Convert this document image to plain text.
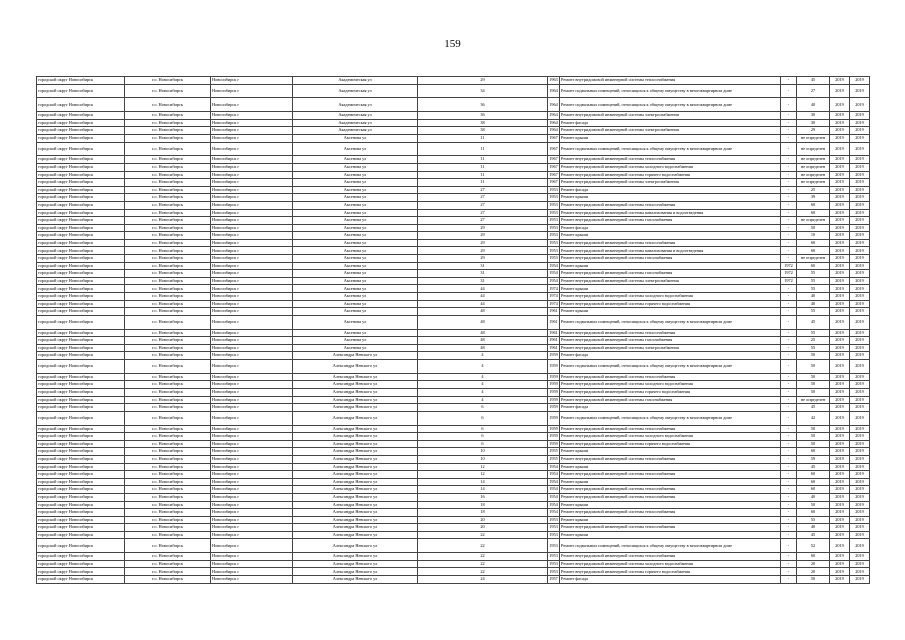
159
городской округ Новосибирск	г.о. Новосибирск	Новосибирск г	Академическая ул	29	1963	Ремонт внутридомовой инженерной системы теплоснабжения	-	45	2019	2019
городской округ Новосибирск	г.о. Новосибирск	Новосибирск г	Академическая ул	34	1964	Ремонт подвальных помещений, относящихся к общему имуществу в многоквартирном доме	-	27	2019	2019
городской округ Новосибирск	г.о. Новосибирск	Новосибирск г	Академическая ул	36	1964	Ремонт подвальных помещений, относящихся к общему имуществу в многоквартирном доме	-	40	2019	2019
городской округ Новосибирск	г.о. Новосибирск	Новосибирск г	Академическая ул	36	1964	Ремонт внутридомовой инженерной системы электроснабжения	-	30	2019	2019
городской округ Новосибирск	г.о. Новосибирск	Новосибирск г	Академическая ул	38	1964	Ремонт фасада	-	30	2019	2019
городской округ Новосибирск	г.о. Новосибирск	Новосибирск г	Академическая ул	38	1964	Ремонт внутридомовой инженерной системы электроснабжения	-	29	2019	2019
городской округ Новосибирск	г.о. Новосибирск	Новосибирск г	Аксенова ул	11	1967	Ремонт крыши	-	не определен	2019	2019
городской округ Новосибирск	г.о. Новосибирск	Новосибирск г	Аксенова ул	11	1967	Ремонт подвальных помещений, относящихся к общему имуществу в многоквартирном доме	-	не определен	2019	2019
городской округ Новосибирск	г.о. Новосибирск	Новосибирск г	Аксенова ул	11	1967	Ремонт внутридомовой инженерной системы теплоснабжения	-	не определен	2019	2019
городской округ Новосибирск	г.о. Новосибирск	Новосибирск г	Аксенова ул	11	1967	Ремонт внутридомовой инженерной системы холодного водоснабжения	-	не определен	2019	2019
городской округ Новосибирск	г.о. Новосибирск	Новосибирск г	Аксенова ул	11	1967	Ремонт внутридомовой инженерной системы горячего водоснабжения	-	не определен	2019	2019
городской округ Новосибирск	г.о. Новосибирск	Новосибирск г	Аксенова ул	11	1967	Ремонт внутридомовой инженерной системы электроснабжения	-	не определен	2019	2019
городской округ Новосибирск	г.о. Новосибирск	Новосибирск г	Аксенова ул	27	1953	Ремонт фасада	-	25	2019	2019
городской округ Новосибирск	г.о. Новосибирск	Новосибирск г	Аксенова ул	27	1953	Ремонт крыши	-	39	2019	2019
городской округ Новосибирск	г.о. Новосибирск	Новосибирск г	Аксенова ул	27	1953	Ремонт внутридомовой инженерной системы теплоснабжения	-	60	2019	2019
городской округ Новосибирск	г.о. Новосибирск	Новосибирск г	Аксенова ул	27	1953	Ремонт внутридомовой инженерной системы канализования и водоотведения	-	60	2019	2019
городской округ Новосибирск	г.о. Новосибирск	Новосибирск г	Аксенова ул	27	1953	Ремонт внутридомовой инженерной системы газоснабжения	-	не определен	2019	2019
городской округ Новосибирск	г.о. Новосибирск	Новосибирск г	Аксенова ул	29	1953	Ремонт фасада	-	50	2019	2019
городской округ Новосибирск	г.о. Новосибирск	Новосибирск г	Аксенова ул	29	1953	Ремонт крыши	-	10	2019	2019
городской округ Новосибирск	г.о. Новосибирск	Новосибирск г	Аксенова ул	29	1953	Ремонт внутридомовой инженерной системы теплоснабжения	-	60	2019	2019
городской округ Новосибирск	г.о. Новосибирск	Новосибирск г	Аксенова ул	29	1953	Ремонт внутридомовой инженерной системы канализования и водоотведения	-	60	2019	2019
городской округ Новосибирск	г.о. Новосибирск	Новосибирск г	Аксенова ул	29	1953	Ремонт внутридомовой инженерной системы газоснабжения	-	не определен	2019	2019
городской округ Новосибирск	г.о. Новосибирск	Новосибирск г	Аксенова ул	31	1954	Ремонт крыши	1972	60	2019	2019
городской округ Новосибирск	г.о. Новосибирск	Новосибирск г	Аксенова ул	31	1954	Ремонт внутридомовой инженерной системы газоснабжения	1972	55	2019	2019
городской округ Новосибирск	г.о. Новосибирск	Новосибирск г	Аксенова ул	31	1954	Ремонт внутридомовой инженерной системы электроснабжения	1972	55	2019	2019
городской округ Новосибирск	г.о. Новосибирск	Новосибирск г	Аксенова ул	44	1974	Ремонт крыши	-	55	2019	2019
городской округ Новосибирск	г.о. Новосибирск	Новосибирск г	Аксенова ул	44	1974	Ремонт внутридомовой инженерной системы холодного водоснабжения	-	40	2019	2019
городской округ Новосибирск	г.о. Новосибирск	Новосибирск г	Аксенова ул	44	1974	Ремонт внутридомовой инженерной системы горячего водоснабжения	-	40	2019	2019
городской округ Новосибирск	г.о. Новосибирск	Новосибирск г	Аксенова ул	48	1961	Ремонт крыши	-	55	2019	2019
городской округ Новосибирск	г.о. Новосибирск	Новосибирск г	Аксенова ул	48	1961	Ремонт подвальных помещений, относящихся к общему имуществу в многоквартирном доме	-	45	2019	2019
городской округ Новосибирск	г.о. Новосибирск	Новосибирск г	Аксенова ул	48	1961	Ремонт внутридомовой инженерной системы теплоснабжения	-	55	2019	2019
городской округ Новосибирск	г.о. Новосибирск	Новосибирск г	Аксенова ул	48	1961	Ремонт внутридомовой инженерной системы газоснабжения	-	25	2019	2019
городской округ Новосибирск	г.о. Новосибирск	Новосибирск г	Аксенова ул	48	1961	Ремонт внутридомовой инженерной системы электроснабжения	-	55	2019	2019
городской округ Новосибирск	г.о. Новосибирск	Новосибирск г	Александра Невского ул	4	1959	Ремонт фасада	-	50	2019	2019
городской округ Новосибирск	г.о. Новосибирск	Новосибирск г	Александра Невского ул	4	1959	Ремонт подвальных помещений, относящихся к общему имуществу в многоквартирном доме	-	50	2019	2019
городской округ Новосибирск	г.о. Новосибирск	Новосибирск г	Александра Невского ул	4	1959	Ремонт внутридомовой инженерной системы теплоснабжения	-	50	2019	2019
городской округ Новосибирск	г.о. Новосибирск	Новосибирск г	Александра Невского ул	4	1959	Ремонт внутридомовой инженерной системы холодного водоснабжения	-	50	2019	2019
городской округ Новосибирск	г.о. Новосибирск	Новосибирск г	Александра Невского ул	4	1959	Ремонт внутридомовой инженерной системы горячего водоснабжения	-	50	2019	2019
городской округ Новосибирск	г.о. Новосибирск	Новосибирск г	Александра Невского ул	4	1959	Ремонт внутридомовой инженерной системы газоснабжения	-	не определен	2019	2019
городской округ Новосибирск	г.о. Новосибирск	Новосибирск г	Александра Невского ул	6	1959	Ремонт фасада	-	45	2019	2019
городской округ Новосибирск	г.о. Новосибирск	Новосибирск г	Александра Невского ул	6	1959	Ремонт подвальных помещений, относящихся к общему имуществу в многоквартирном доме	-	42	2019	2019
городской округ Новосибирск	г.о. Новосибирск	Новосибирск г	Александра Невского ул	6	1959	Ремонт внутридомовой инженерной системы теплоснабжения	-	50	2019	2019
городской округ Новосибирск	г.о. Новосибирск	Новосибирск г	Александра Невского ул	6	1959	Ремонт внутридомовой инженерной системы холодного водоснабжения	-	50	2019	2019
городской округ Новосибирск	г.о. Новосибирск	Новосибирск г	Александра Невского ул	6	1959	Ремонт внутридомовой инженерной системы горячего водоснабжения	-	50	2019	2019
городской округ Новосибирск	г.о. Новосибирск	Новосибирск г	Александра Невского ул	10	1955	Ремонт крыши	-	60	2019	2019
городской округ Новосибирск	г.о. Новосибирск	Новосибирск г	Александра Невского ул	10	1955	Ремонт внутридомовой инженерной системы теплоснабжения	-	59	2019	2019
городской округ Новосибирск	г.о. Новосибирск	Новосибирск г	Александра Невского ул	12	1954	Ремонт крыши	-	45	2019	2019
городской округ Новосибирск	г.о. Новосибирск	Новосибирск г	Александра Невского ул	12	1954	Ремонт внутридомовой инженерной системы теплоснабжения	-	60	2019	2019
городской округ Новосибирск	г.о. Новосибирск	Новосибирск г	Александра Невского ул	14	1954	Ремонт крыши	-	60	2019	2019
городской округ Новосибирск	г.о. Новосибирск	Новосибирск г	Александра Невского ул	14	1954	Ремонт внутридомовой инженерной системы теплоснабжения	-	60	2019	2019
городской округ Новосибирск	г.о. Новосибирск	Новосибирск г	Александра Невского ул	16	1954	Ремонт внутридомовой инженерной системы теплоснабжения	-	40	2019	2019
городской округ Новосибирск	г.о. Новосибирск	Новосибирск г	Александра Невского ул	18	1954	Ремонт крыши	-	50	2019	2019
городской округ Новосибирск	г.о. Новосибирск	Новосибирск г	Александра Невского ул	18	1954	Ремонт внутридомовой инженерной системы теплоснабжения	-	60	2019	2019
городской округ Новосибирск	г.о. Новосибирск	Новосибирск г	Александра Невского ул	20	1953	Ремонт крыши	-	55	2019	2019
городской округ Новосибирск	г.о. Новосибирск	Новосибирск г	Александра Невского ул	20	1953	Ремонт внутридомовой инженерной системы теплоснабжения	-	40	2019	2019
городской округ Новосибирск	г.о. Новосибирск	Новосибирск г	Александра Невского ул	22	1953	Ремонт крыши	-	45	2019	2019
городской округ Новосибирск	г.о. Новосибирск	Новосибирск г	Александра Невского ул	22	1953	Ремонт подвальных помещений, относящихся к общему имуществу в многоквартирном доме	-	52	2019	2019
городской округ Новосибирск	г.о. Новосибирск	Новосибирск г	Александра Невского ул	22	1953	Ремонт внутридомовой инженерной системы теплоснабжения	-	60	2019	2019
городской округ Новосибирск	г.о. Новосибирск	Новосибирск г	Александра Невского ул	22	1953	Ремонт внутридомовой инженерной системы холодного водоснабжения	-	20	2019	2019
городской округ Новосибирск	г.о. Новосибирск	Новосибирск г	Александра Невского ул	22	1953	Ремонт внутридомовой инженерной системы горячего водоснабжения	-	20	2019	2019
городской округ Новосибирск	г.о. Новосибирск	Новосибирск г	Александра Невского ул	24	1957	Ремонт фасада	-	50	2019	2019
